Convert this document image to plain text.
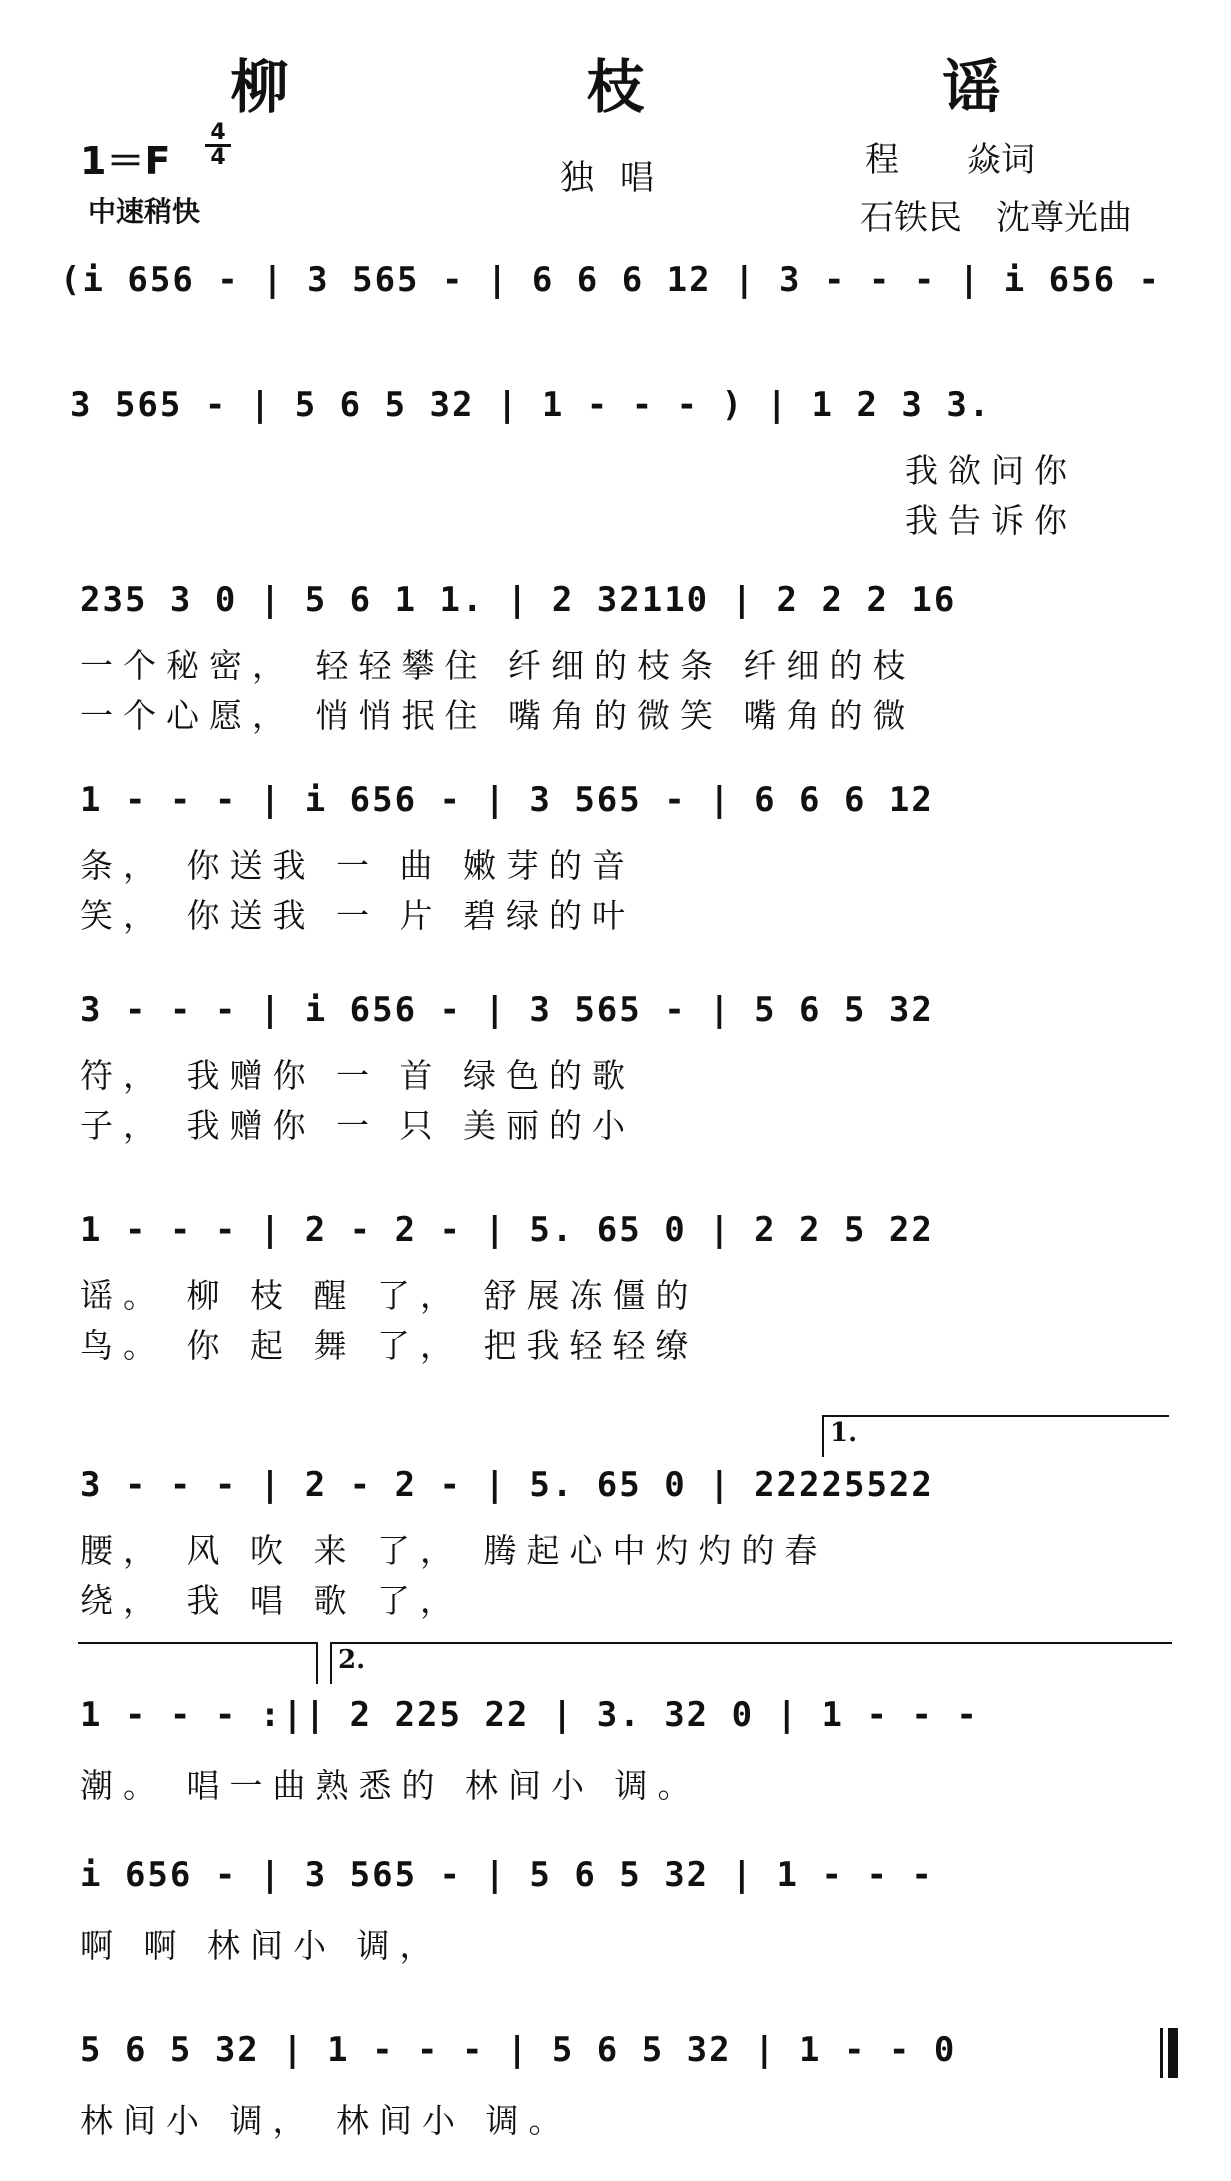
柳　枝　谣
1＝F
4
4
中速稍快
独唱	程　　焱词
石铁民　沈尊光曲
(i 656 - | 3 565 - | 6 6 6 12 | 3 - - - | i 656 -
3 565 - | 5 6 5 32 | 1 - - - ) | 1 2 3 3.
我欲问你
我告诉你
235 3 0 | 5 6 1 1. | 2 32110 | 2 2 2 16
一个秘密， 轻轻攀住 纤细的枝条 纤细的枝
一个心愿， 悄悄抿住 嘴角的微笑 嘴角的微
1 - - - | i 656 - | 3 565 - | 6 6 6 12
条， 你送我 一 曲 嫩芽的音
笑， 你送我 一 片 碧绿的叶
3 - - - | i 656 - | 3 565 - | 5 6 5 32
符， 我赠你 一 首 绿色的歌
子， 我赠你 一 只 美丽的小
1 - - - | 2 - 2 - | 5. 65 0 | 2 2 5 22
谣。 柳 枝 醒 了， 舒展冻僵的
鸟。 你 起 舞 了， 把我轻轻缭
1.
3 - - - | 2 - 2 - | 5. 65 0 | 22225522
腰， 风 吹 来 了， 腾起心中灼灼的春
绕， 我 唱 歌 了，
2.
1 - - - :|| 2 225 22 | 3. 32 0 | 1 - - -
潮。 唱一曲熟悉的 林间小 调。
i 656 - | 3 565 - | 5 6 5 32 | 1 - - -
啊 啊 林间小 调，
5 6 5 32 | 1 - - - | 5 6 5 32 | 1 - - 0
林间小 调， 林间小 调。
